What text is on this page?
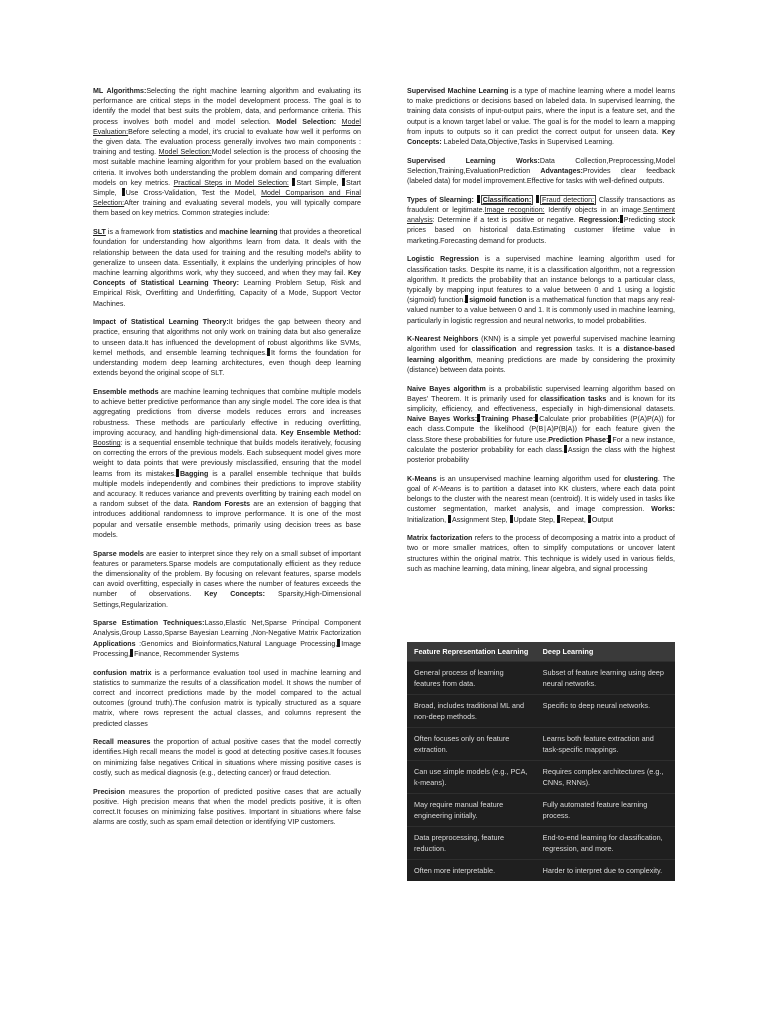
ML Algorithms:Selecting the right machine learning algorithm and evaluating its performance are critical steps in the model development process. The goal is to identify the model that best suits the problem, data, and performance criteria. This process involves both model and model selection. Model Selection: Model Evaluation:Before selecting a model, it's crucial to evaluate how well it performs on the given data. The evaluation process generally involves two main components : training and testing. Model Selection:Model selection is the process of choosing the most suitable machine learning algorithm for your problem based on the evaluation criteria. It involves both understanding the problem domain and comparing different models on key metrics. Practical Steps in Model Selection: Start Simple, Start Simple, Use Cross-Validation, Test the Model, Model Comparison and Final Selection:After training and evaluating several models, you will typically compare them based on key metrics. Common strategies include:

SLT is a framework from statistics and machine learning that provides a theoretical foundation for understanding how algorithms learn from data. It deals with the relationship between the data used for training and the resulting model's ability to generalize to unseen data. Essentially, it explains the underlying principles of how machine learning algorithms work, why they succeed, and when they may fail. Key Concepts of Statistical Learning Theory: Learning Problem Setup, Risk and Empirical Risk, Overfitting and Underfitting, Capacity of a Mode, Support Vector Machines.

Impact of Statistical Learning Theory:It bridges the gap between theory and practice, ensuring that algorithms not only work on training data but also generalize to unseen data.It has influenced the development of robust algorithms like SVMs, kernel methods, and ensemble learning techniques. It forms the foundation for understanding modern deep learning architectures, even though deep learning extends beyond the original scope of SLT.

Ensemble methods are machine learning techniques that combine multiple models to achieve better predictive performance than any single model. The core idea is that aggregating predictions from diverse models reduces errors and increases robustness. These methods are particularly effective in reducing overfitting, improving accuracy, and handling high-dimensional data. Key Ensemble Method: Boosting: is a sequential ensemble technique that builds models iteratively, focusing on correcting the errors of the previous models. Each subsequent model gives more weight to data points that were previously misclassified, ensuring that the model learns from its mistakes. Bagging is a parallel ensemble technique that builds multiple models independently and combines their predictions to improve stability and accuracy. It reduces variance and prevents overfitting by training each model on a random subset of the data. Random Forests are an extension of bagging that introduces additional randomness to improve performance. It is one of the most popular and versatile ensemble methods, primarily using decision trees as base models.

Sparse models are easier to interpret since they rely on a small subset of important features or parameters.Sparse models are computationally efficient as they reduce the dimensionality of the problem. By focusing on relevant features, sparse models can avoid overfitting, especially in cases where the number of features exceeds the number of observations. Key Concepts: Sparsity,High-Dimensional Settings,Regularization.

Sparse Estimation Techniques:Lasso,Elastic Net,Sparse Principal Component Analysis,Group Lasso,Sparse Bayesian Learning ,Non-Negative Matrix Factorization Applications :Genomics and Bioinformatics,Natural Language Processing, Image Processing, Finance, Recommender Systems

confusion matrix is a performance evaluation tool used in machine learning and statistics to summarize the results of a classification model. It shows the number of correct and incorrect predictions made by the model compared to the actual outcomes (ground truth).The confusion matrix is typically structured as a square matrix, where rows represent the actual classes, and columns represent the predicted classes

Recall measures the proportion of actual positive cases that the model correctly identifies.High recall means the model is good at detecting positive cases.It focuses on minimizing false negatives Critical in situations where missing positive cases is costly, such as medical diagnosis (e.g., detecting cancer) or fraud detection.

Precision measures the proportion of predicted positive cases that are actually positive. High precision means that when the model predicts positive, it is often correct.It focuses on minimizing false positives. Important in situations where false alarms are costly, such as spam email detection or identifying VIP customers.

Supervised Machine Learning is a type of machine learning where a model learns to make predictions or decisions based on labeled data. In supervised learning, the training data consists of input-output pairs, where the input is a feature set, and the output is a known target label or value. The goal is for the model to learn a mapping from inputs to outputs so it can predict the correct output for unseen data. Key Concepts: Labeled Data,Objective,Tasks in Supervised Learning.

Supervised Learning Works:Data Collection,Preprocessing,Model Selection,Training,EvaluationPrediction Advantages:Provides clear feedback (labeled data) for model improvement.Effective for tasks with well-defined outputs.

Types of Slearning: Classification: Fraud detection: Classify transactions as fraudulent or legitimate.Image recognition: Identify objects in an image.Sentiment analysis: Determine if a text is positive or negative. Regression: Predicting stock prices based on historical data.Estimating customer lifetime value in marketing.Forecasting demand for products.

Logistic Regression is a supervised machine learning algorithm used for classification tasks. Despite its name, it is a classification algorithm, not a regression algorithm. It predicts the probability that an instance belongs to a particular class, typically by mapping input features to a value between 0 and 1 using a logistic (sigmoid) function. sigmoid function is a mathematical function that maps any real-valued number to a value between 0 and 1. It is commonly used in machine learning, particularly in logistic regression and neural networks, to model probabilities.

K-Nearest Neighbors (KNN) is a simple yet powerful supervised machine learning algorithm used for classification and regression tasks. It is a distance-based learning algorithm, meaning predictions are made by considering the proximity (distance) between data points.

Naive Bayes algorithm is a probabilistic supervised learning algorithm based on Bayes' Theorem. It is primarily used for classification tasks and is known for its simplicity, efficiency, and effectiveness, especially in high-dimensional datasets. Naive Bayes Works: Training Phase: Calculate prior probabilities (P(A)P(A)) for each class.Compute the likelihood (P(B∣A)P(B|A)) for each feature given the class.Store these probabilities for future use.Prediction Phase: For a new instance, calculate the posterior probability for each class. Assign the class with the highest posterior probability

K-Means is an unsupervised machine learning algorithm used for clustering. The goal of K-Means is to partition a dataset into KK clusters, where each data point belongs to the cluster with the nearest mean (centroid). It is widely used in tasks like customer segmentation, market analysis, and image compression. Works: Initialization, Assignment Step, Update Step, Repeat, Output

Matrix factorization refers to the process of decomposing a matrix into a product of two or more smaller matrices, often to simplify computations or uncover latent structures within the original matrix. This technique is widely used in various fields, such as machine learning, data mining, linear algebra, and signal processing

Feature Representation Learning	Deep Learning
General process of learning features from data.	Subset of feature learning using deep neural networks.
Broad, includes traditional ML and non-deep methods.	Specific to deep neural networks.
Often focuses only on feature extraction.	Learns both feature extraction and task-specific mappings.
Can use simple models (e.g., PCA, k-means).	Requires complex architectures (e.g., CNNs, RNNs).
May require manual feature engineering initially.	Fully automated feature learning process.
Data preprocessing, feature reduction.	End-to-end learning for classification, regression, and more.
Often more interpretable.	Harder to interpret due to complexity.
